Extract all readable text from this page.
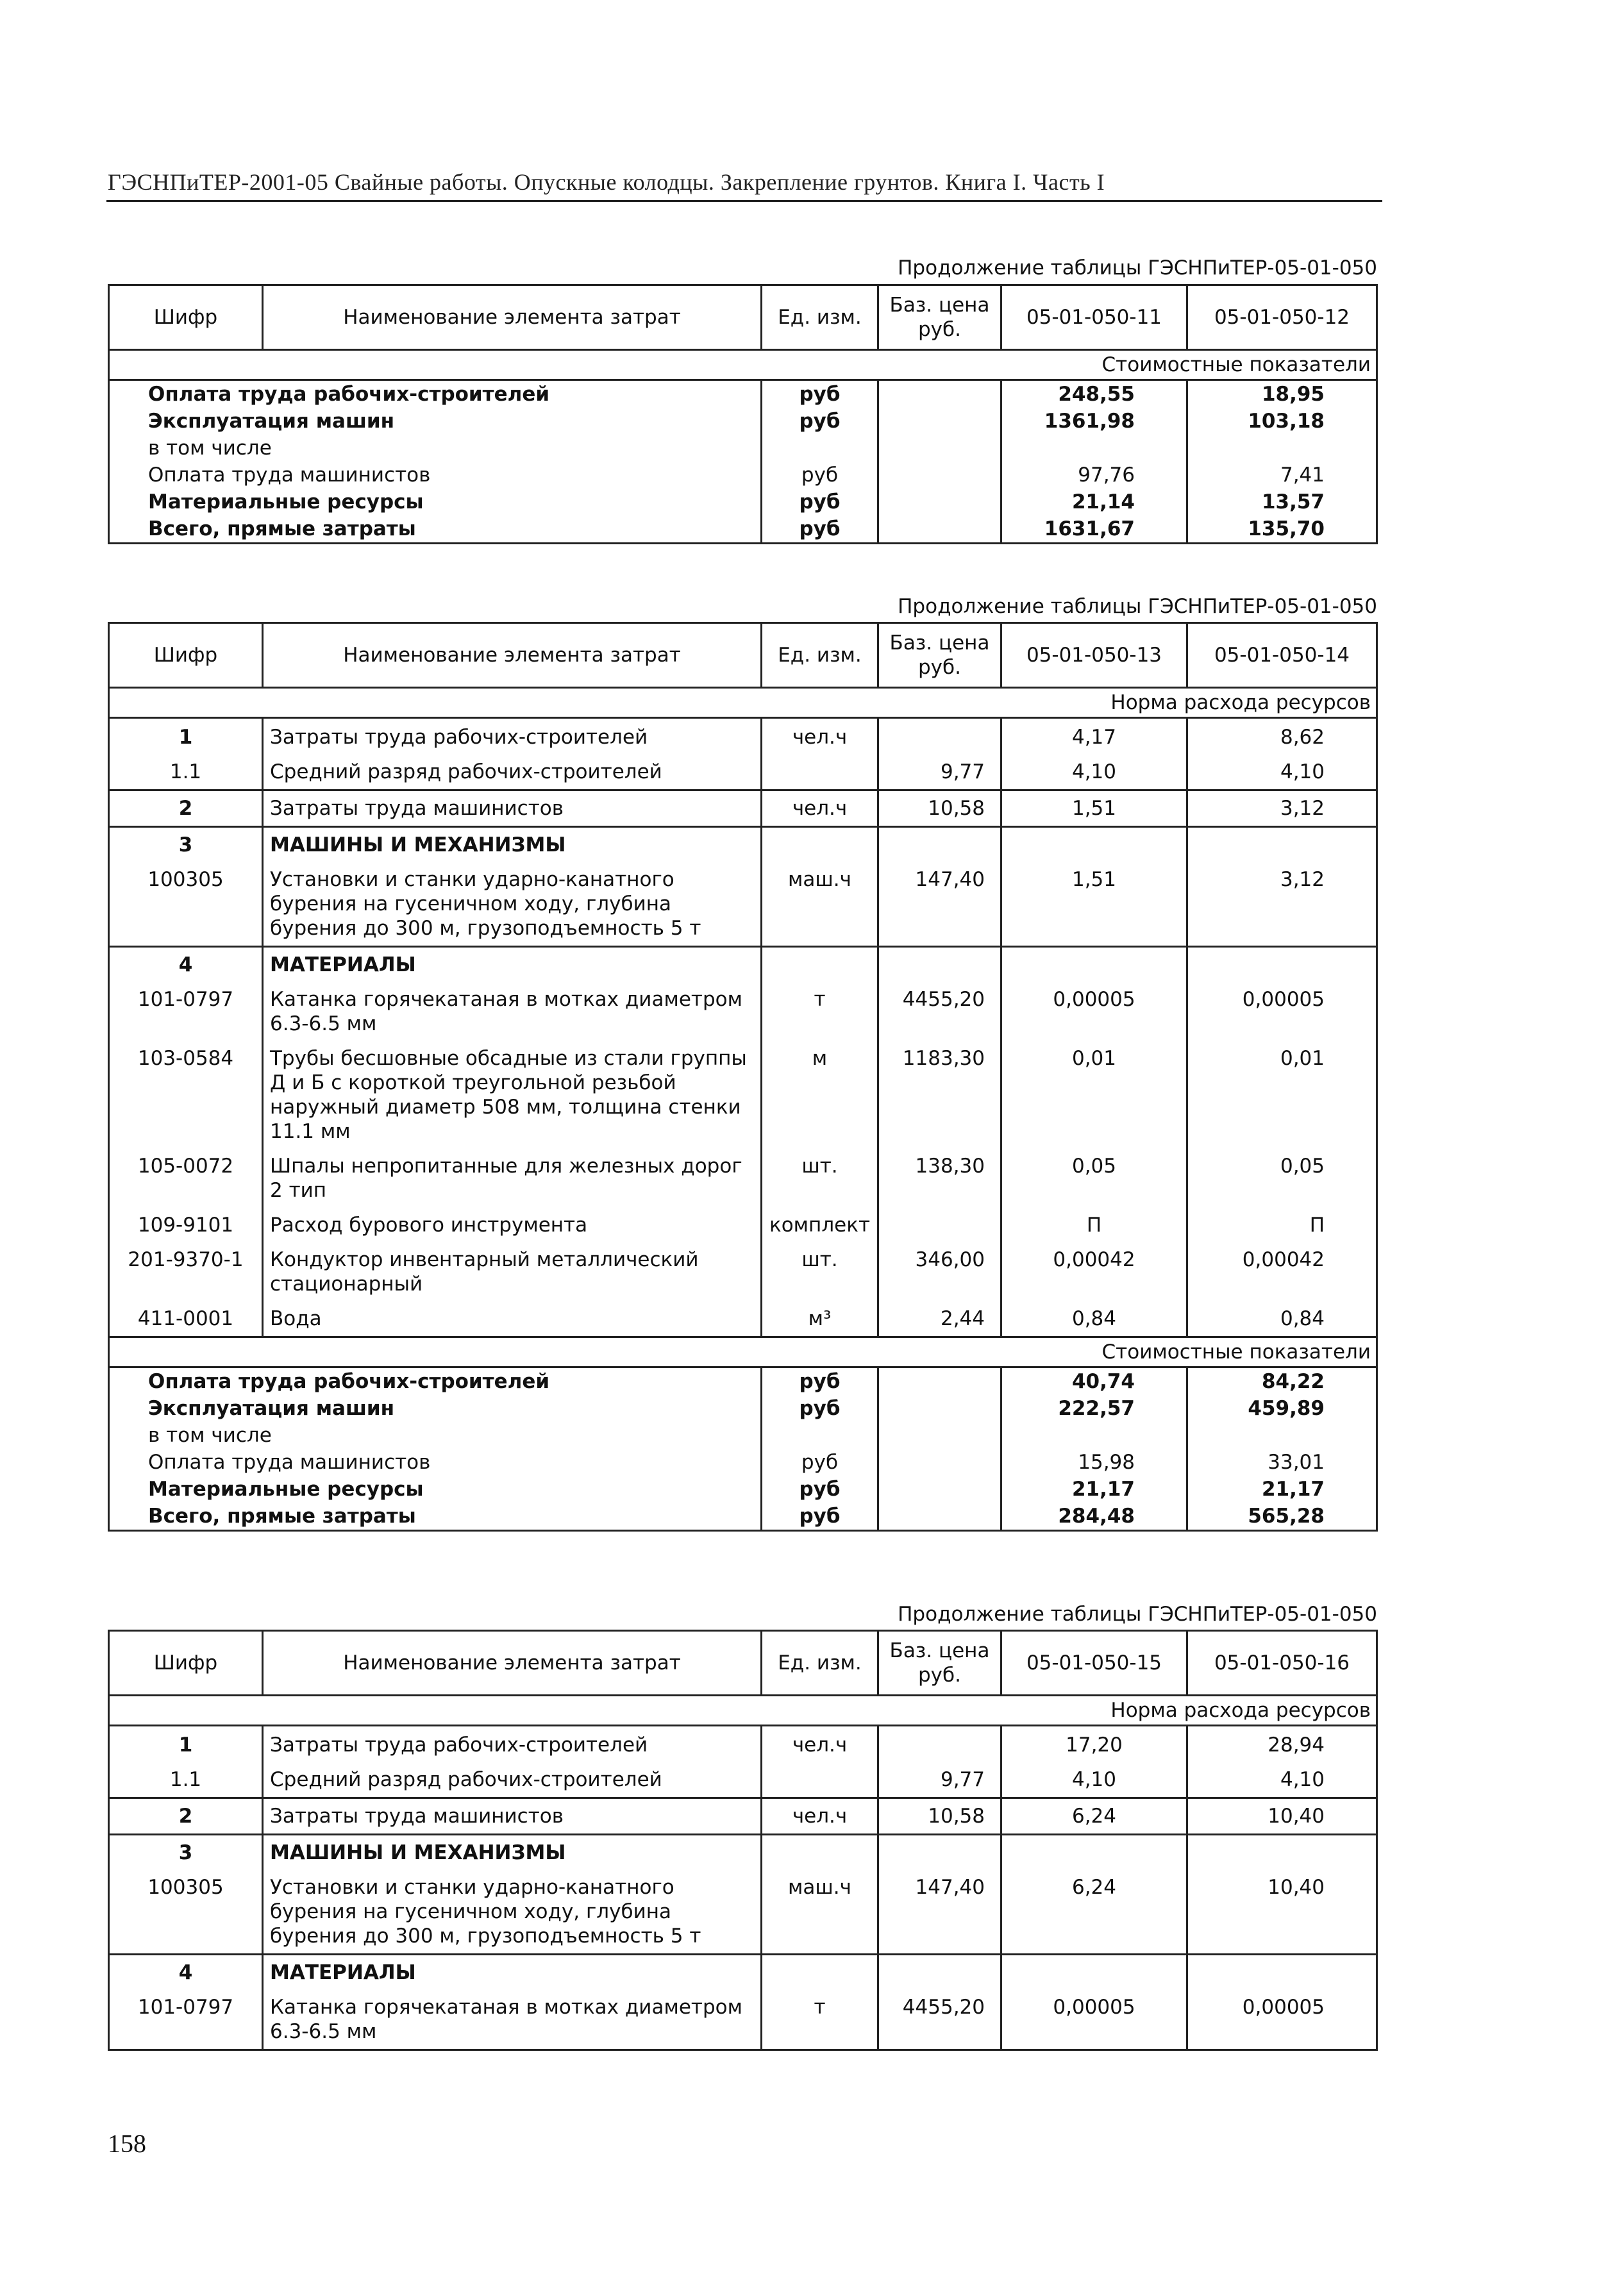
ГЭСНПиТЕР-2001-05 Свайные работы. Опускные колодцы. Закрепление грунтов. Книга I. Часть I
Продолжение таблицы ГЭСНПиТЕР-05-01-050
Шифр	Наименование элемента затрат	Ед. изм.	Баз. цена руб.	05-01-050-11	05-01-050-12
Стоимостные показатели					
Оплата труда рабочих-строителей		руб		248,55	18,95
Эксплуатация машин		руб		1361,98	103,18
в том числе					
Оплата труда машинистов		руб		97,76	7,41
Материальные ресурсы		руб		21,14	13,57
Всего, прямые затраты		руб		1631,67	135,70
Продолжение таблицы ГЭСНПиТЕР-05-01-050
Шифр	Наименование элемента затрат	Ед. изм.	Баз. цена руб.	05-01-050-13	05-01-050-14
Норма расхода ресурсов					
1	Затраты труда рабочих-строителей	чел.ч		4,17	8,62
1.1	Средний разряд рабочих-строителей		9,77	4,10	4,10
2	Затраты труда машинистов	чел.ч	10,58	1,51	3,12
3	МАШИНЫ И МЕХАНИЗМЫ				
100305	Установки и станки ударно-канатного бурения на гусеничном ходу, глубина бурения до 300 м, грузоподъемность 5 т	маш.ч	147,40	1,51	3,12
4	МАТЕРИАЛЫ				
101-0797	Катанка горячекатаная в мотках диаметром 6.3-6.5 мм	т	4455,20	0,00005	0,00005
103-0584	Трубы бесшовные обсадные из стали группы Д и Б с короткой треугольной резьбой наружный диаметр 508 мм, толщина стенки 11.1 мм	м	1183,30	0,01	0,01
105-0072	Шпалы непропитанные для железных дорог 2 тип	шт.	138,30	0,05	0,05
109-9101	Расход бурового инструмента	комплект		П	П
201-9370-1	Кондуктор инвентарный металлический стационарный	шт.	346,00	0,00042	0,00042
411-0001	Вода	м³	2,44	0,84	0,84
Стоимостные показатели					
Оплата труда рабочих-строителей		руб		40,74	84,22
Эксплуатация машин		руб		222,57	459,89
в том числе					
Оплата труда машинистов		руб		15,98	33,01
Материальные ресурсы		руб		21,17	21,17
Всего, прямые затраты		руб		284,48	565,28
Продолжение таблицы ГЭСНПиТЕР-05-01-050
Шифр	Наименование элемента затрат	Ед. изм.	Баз. цена руб.	05-01-050-15	05-01-050-16
Норма расхода ресурсов					
1	Затраты труда рабочих-строителей	чел.ч		17,20	28,94
1.1	Средний разряд рабочих-строителей		9,77	4,10	4,10
2	Затраты труда машинистов	чел.ч	10,58	6,24	10,40
3	МАШИНЫ И МЕХАНИЗМЫ				
100305	Установки и станки ударно-канатного бурения на гусеничном ходу, глубина бурения до 300 м, грузоподъемность 5 т	маш.ч	147,40	6,24	10,40
4	МАТЕРИАЛЫ				
101-0797	Катанка горячекатаная в мотках диаметром 6.3-6.5 мм	т	4455,20	0,00005	0,00005
158
